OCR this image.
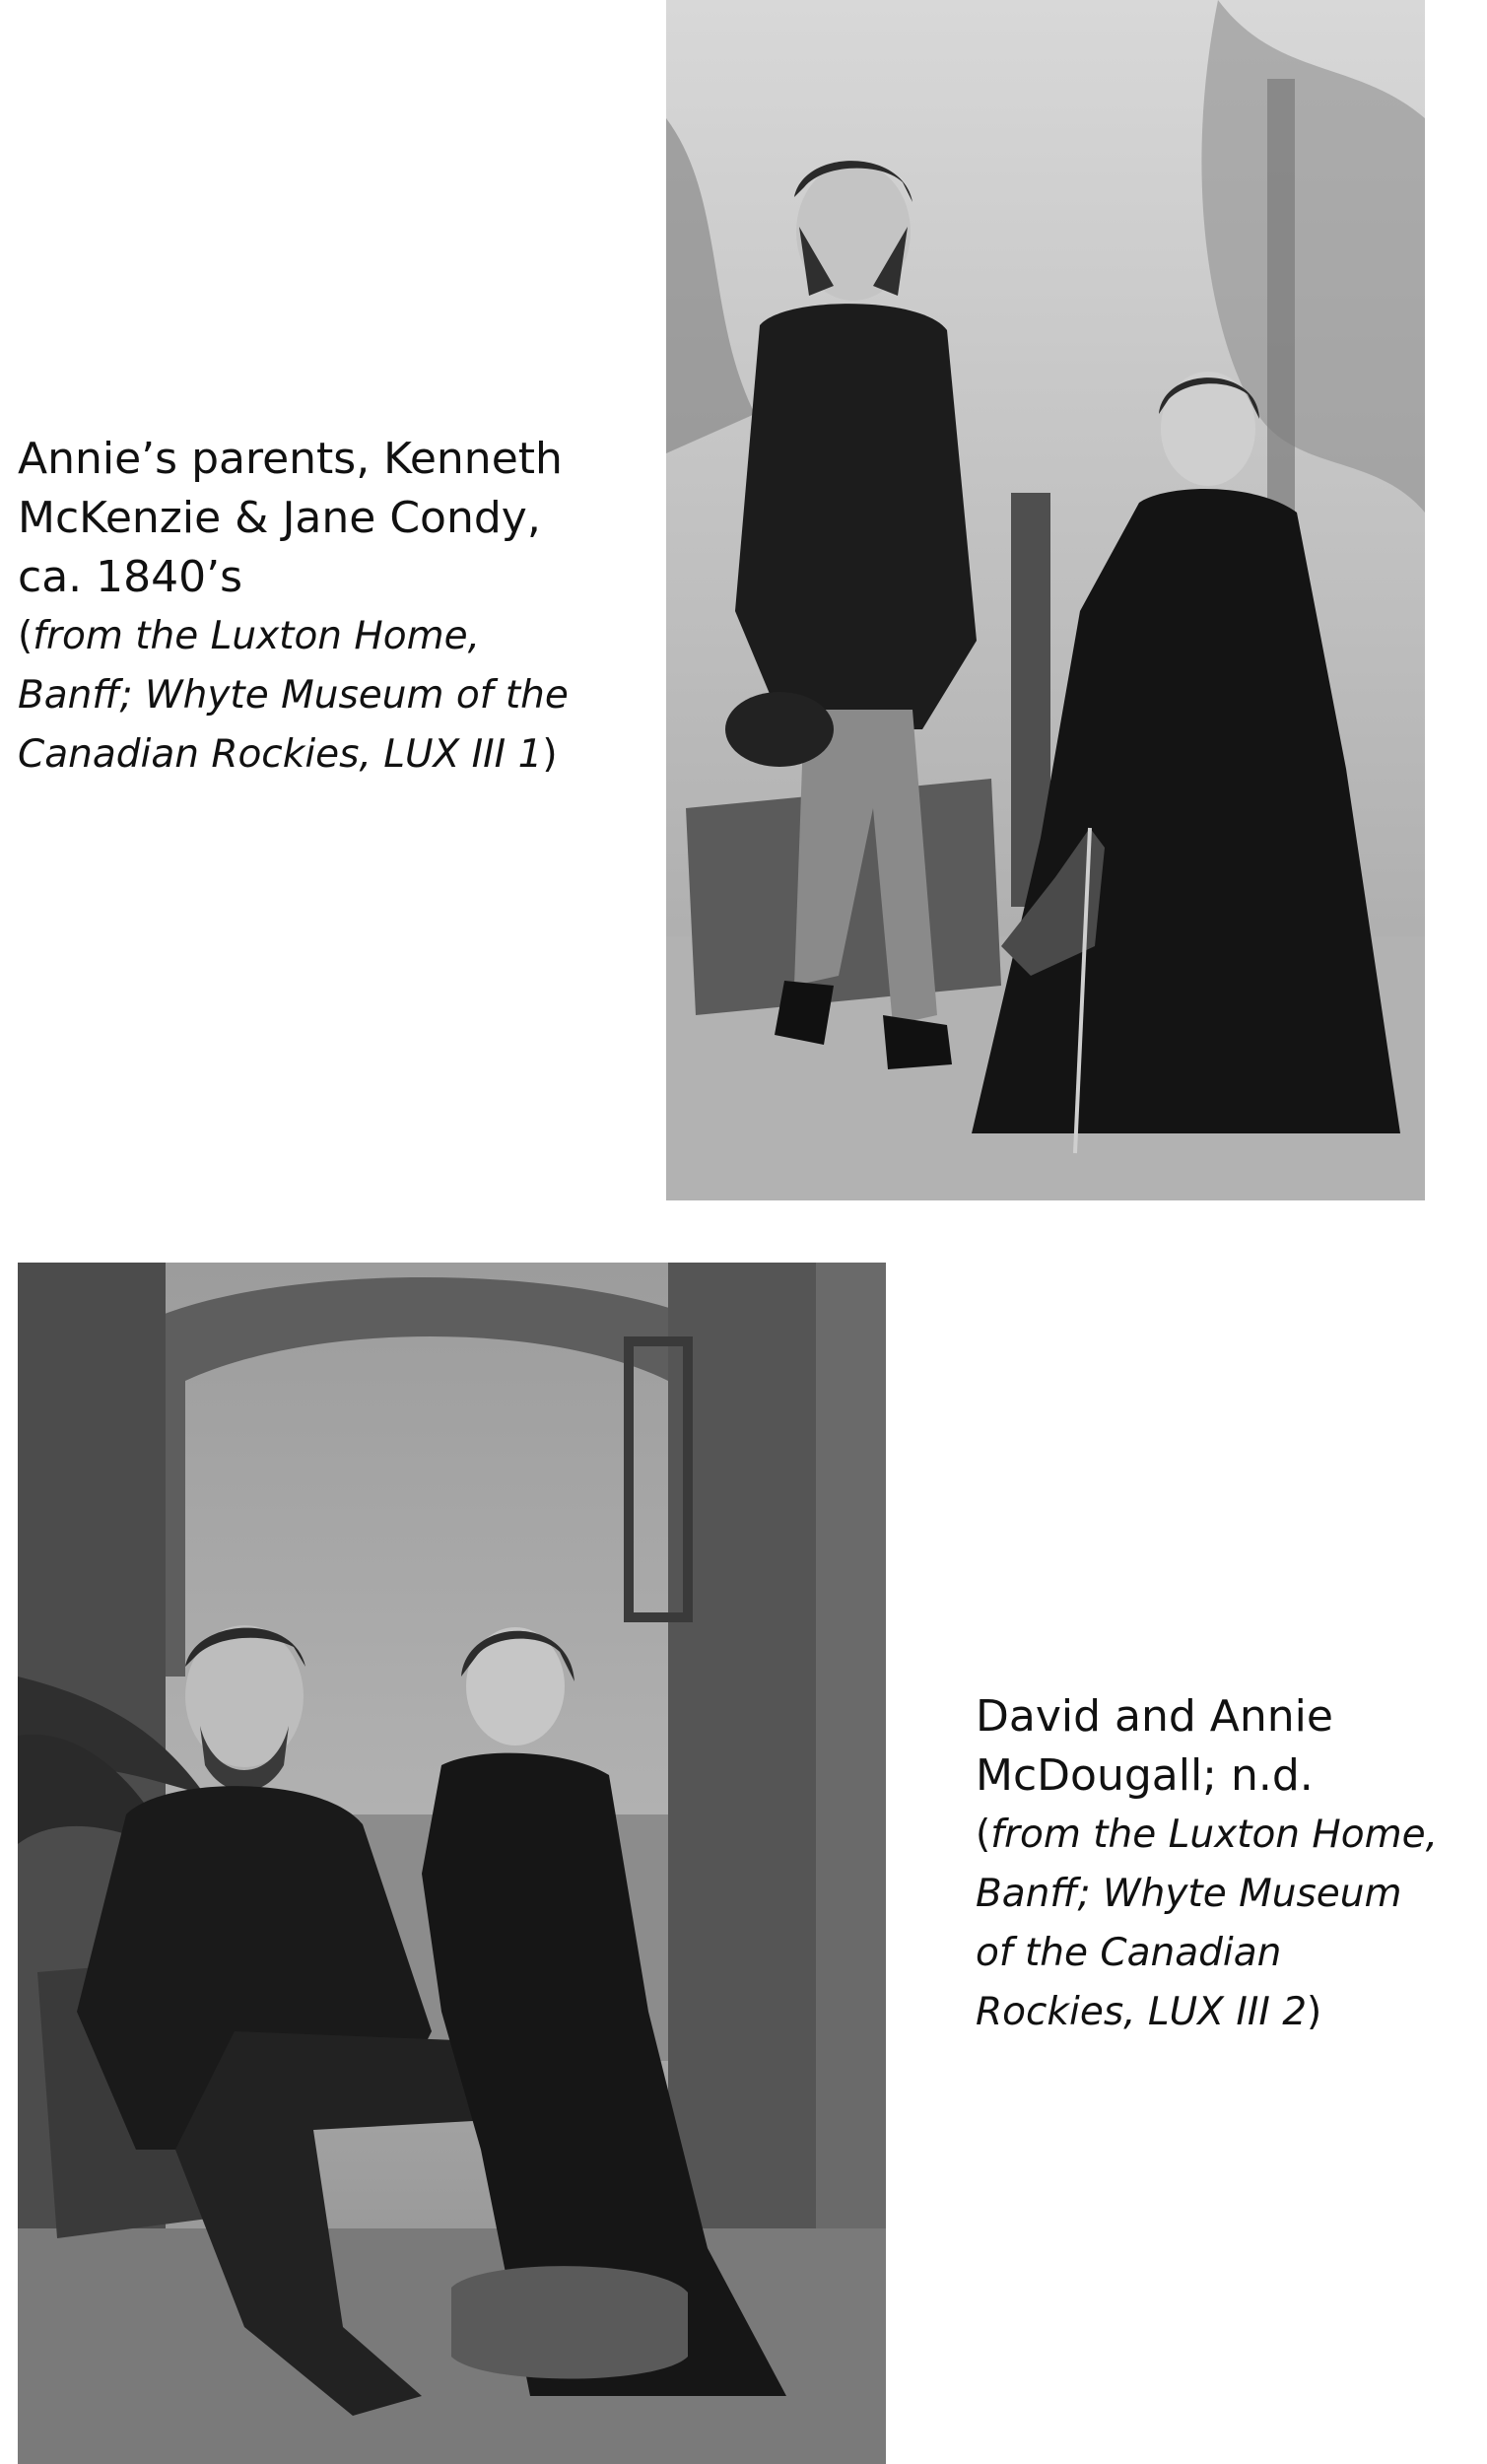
Annie’s parents, Kenneth
McKenzie & Jane Condy,
ca. 1840’s
(from the Luxton Home,
Banff; Whyte Museum of the
Canadian Rockies, LUX III 1)
David and Annie
McDougall; n.d.
(from the Luxton Home,
Banff; Whyte Museum
of the Canadian
Rockies, LUX III 2)
